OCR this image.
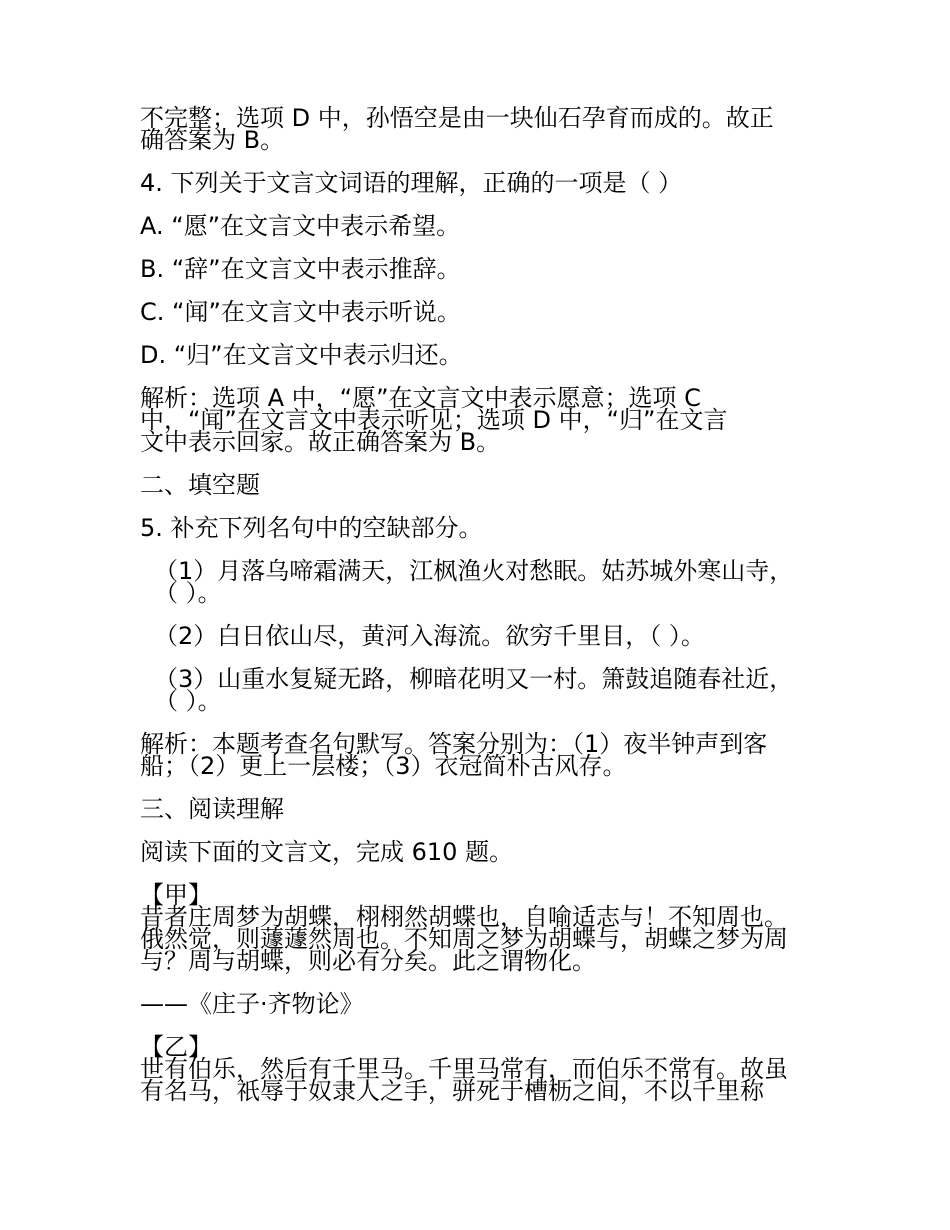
不完整；选项 D 中，孙悟空是由一块仙石孕育而成的。故正

确答案为 B。

4. 下列关于文言文词语的理解，正确的一项是（ ）

A. “愿”在文言文中表示希望。

B. “辞”在文言文中表示推辞。

C. “闻”在文言文中表示听说。

D. “归”在文言文中表示归还。

解析：选项 A 中，“愿”在文言文中表示愿意；选项 C

中，“闻”在文言文中表示听见；选项 D 中，“归”在文言

文中表示回家。故正确答案为 B。

二、填空题

5. 补充下列名句中的空缺部分。

（1）月落乌啼霜满天，江枫渔火对愁眠。姑苏城外寒山寺，

（ ）。

（2）白日依山尽，黄河入海流。欲穷千里目，（ ）。

（3）山重水复疑无路，柳暗花明又一村。箫鼓追随春社近，

（ ）。

解析：本题考查名句默写。答案分别为：（1）夜半钟声到客

船；（2）更上一层楼；（3）衣冠简朴古风存。

三、阅读理解

阅读下面的文言文，完成 610 题。

【甲】

昔者庄周梦为胡蝶，栩栩然胡蝶也，自喻适志与！不知周也。

俄然觉，则蘧蘧然周也。不知周之梦为胡蝶与，胡蝶之梦为周

与？周与胡蝶，则必有分矣。此之谓物化。

——《庄子·齐物论》

【乙】

世有伯乐，然后有千里马。千里马常有，而伯乐不常有。故虽

有名马，祇辱于奴隶人之手，骈死于槽枥之间，不以千里称
